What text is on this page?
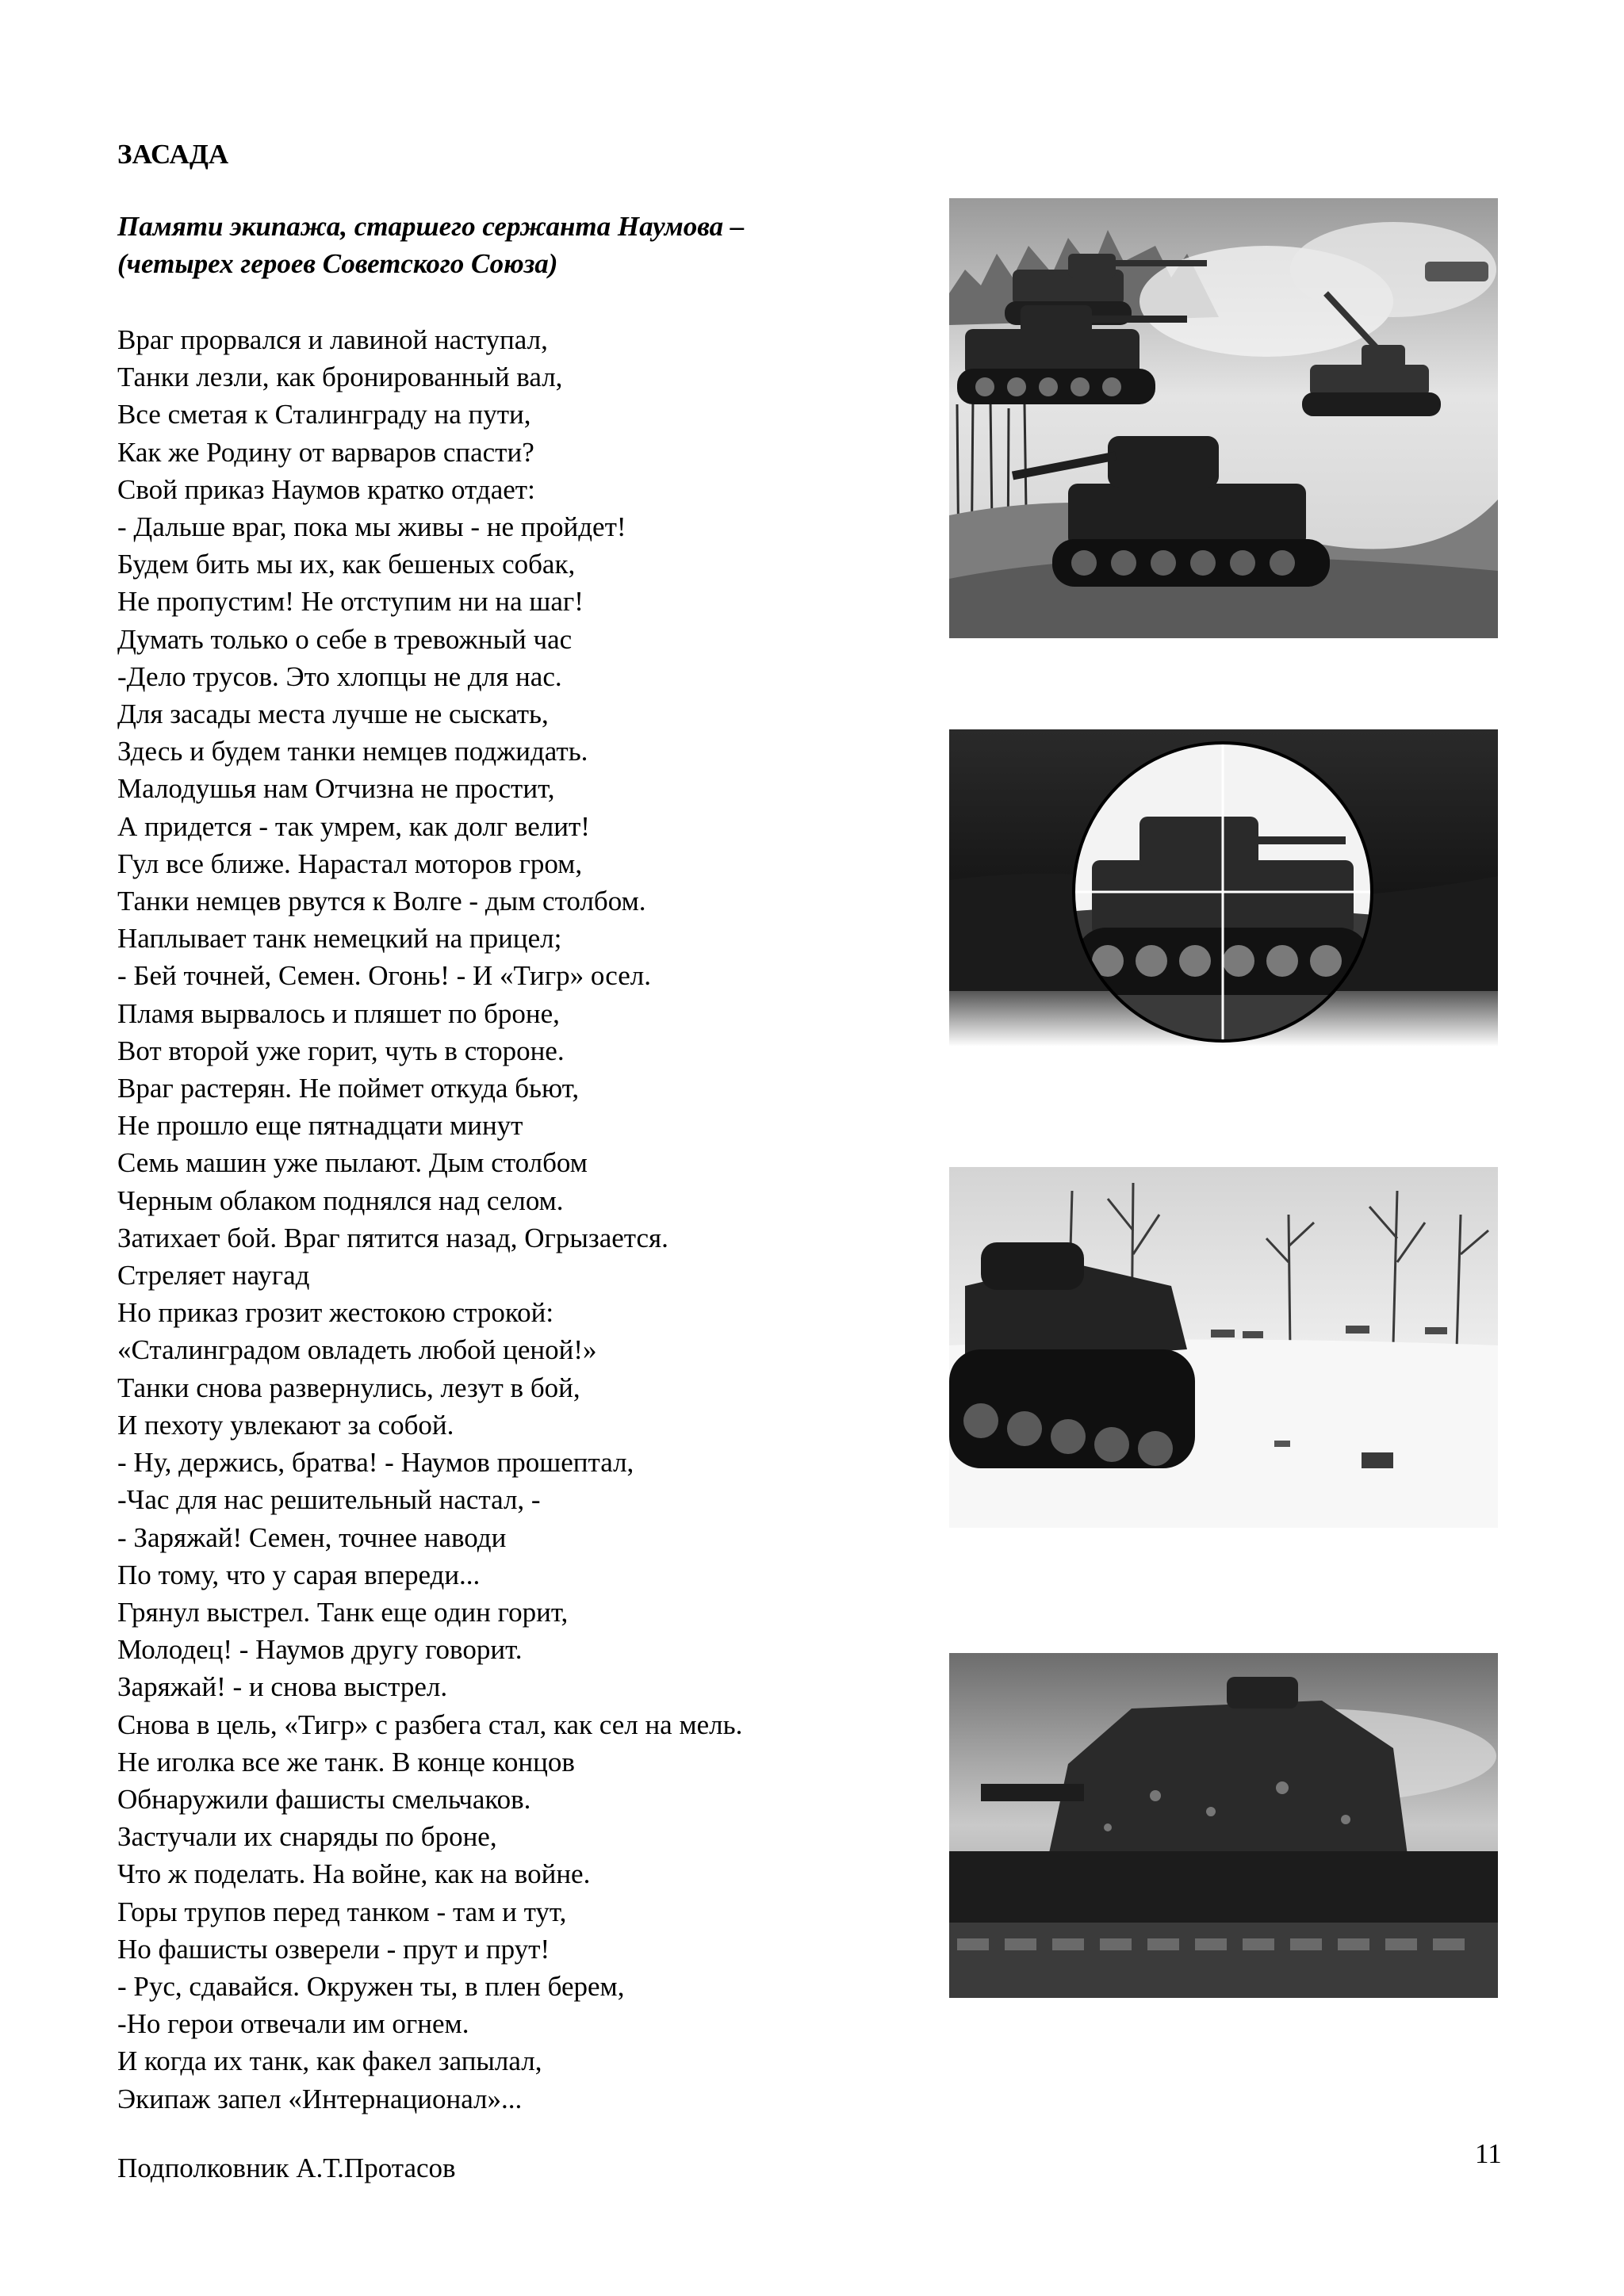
ЗАСАДА
Памяти экипажа, старшего сержанта Наумова –
(четырех героев Советского Союза)
Враг прорвался и лавиной наступал,
Танки лезли, как бронированный вал,
Все сметая к Сталинграду на пути,
Как же Родину от варваров спасти?
Свой приказ Наумов кратко отдает:
- Дальше враг, пока мы живы - не пройдет!
Будем бить мы их, как бешеных собак,
Не пропустим! Не отступим ни на шаг!
Думать только о себе в тревожный час
-Дело трусов. Это хлопцы не для нас.
Для засады места лучше не сыскать,
Здесь и будем танки немцев поджидать.
Малодушья нам Отчизна не простит,
А придется - так умрем, как долг велит!
Гул все ближе. Нарастал моторов гром,
Танки немцев рвутся к Волге - дым столбом.
Наплывает танк немецкий на прицел;
- Бей точней, Семен. Огонь! - И «Тигр» осел.
Пламя вырвалось и пляшет по броне,
Вот второй уже горит, чуть в стороне.
Враг растерян. Не поймет откуда бьют,
Не прошло еще пятнадцати минут
Семь машин уже пылают. Дым столбом
Черным облаком поднялся над селом.
Затихает бой. Враг пятится назад, Огрызается.
Стреляет наугад
Но приказ грозит жестокою строкой:
«Сталинградом овладеть любой ценой!»
Танки снова развернулись, лезут в бой,
И пехоту увлекают за собой.
- Ну, держись, братва! - Наумов прошептал,
-Час для нас решительный настал, -
- Заряжай! Семен, точнее наводи
По тому, что у сарая впереди...
Грянул выстрел. Танк еще один горит,
Молодец! - Наумов другу говорит.
Заряжай! - и снова выстрел.
Снова в цель, «Тигр» с разбега стал, как сел на мель.
Не иголка все же танк. В конце концов
Обнаружили фашисты смельчаков.
Застучали их снаряды по броне,
Что ж поделать. На войне, как на войне.
Горы трупов перед танком - там и тут,
Но фашисты озверели - прут и прут!
- Рус, сдавайся. Окружен ты, в плен берем,
-Но герои отвечали им огнем.
И когда их танк, как факел запылал,
Экипаж запел «Интернационал»...
Подполковник А.Т.Протасов	11
